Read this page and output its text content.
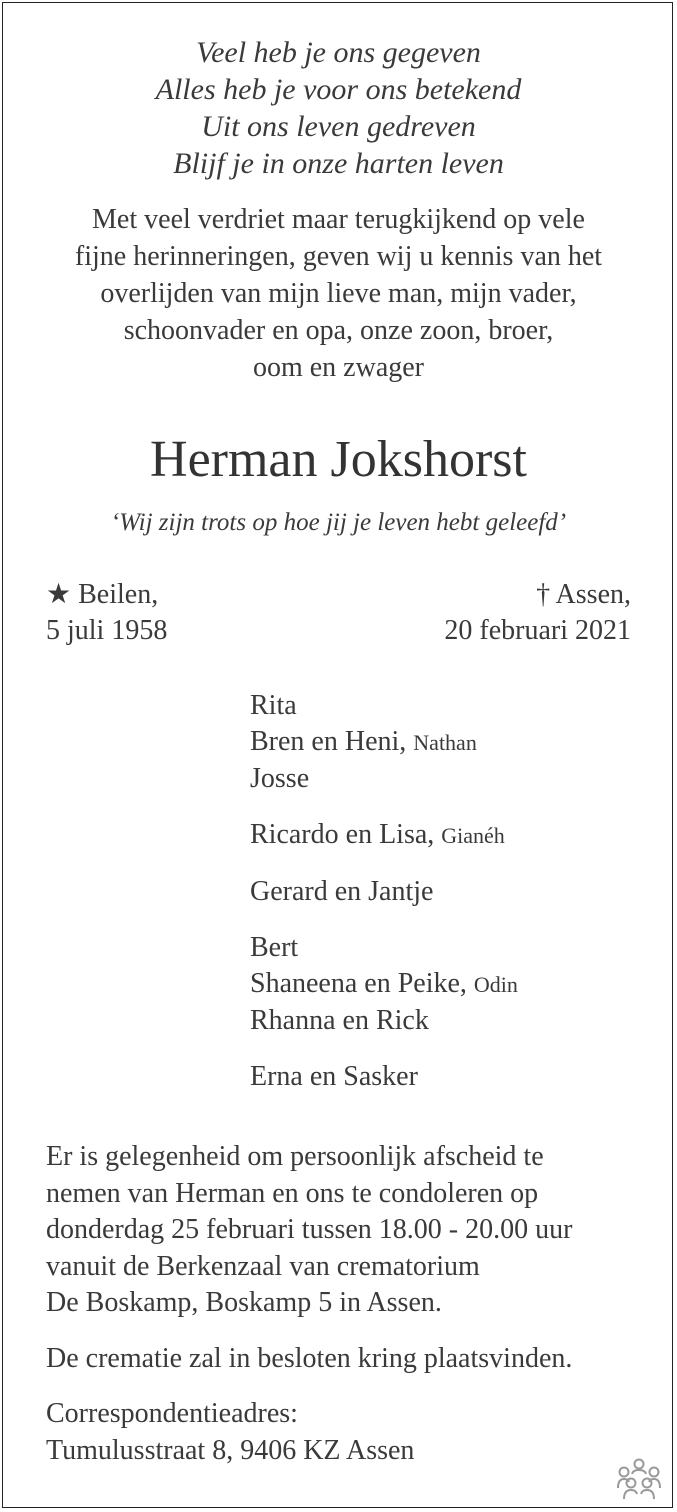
Veel heb je ons gegeven
Alles heb je voor ons betekend
Uit ons leven gedreven
Blijf je in onze harten leven
Met veel verdriet maar terugkijkend op vele
fijne herinneringen, geven wij u kennis van het
overlijden van mijn lieve man, mijn vader,
schoonvader en opa, onze zoon, broer,
oom en zwager
Herman Jokshorst
‘Wij zijn trots op hoe jij je leven hebt geleefd’
★ Beilen,
5 juli 1958
† Assen,
20 februari 2021
Rita
Bren en Heni, Nathan
Josse
Ricardo en Lisa, Gianéh
Gerard en Jantje
Bert
Shaneena en Peike, Odin
Rhanna en Rick
Erna en Sasker
Er is gelegenheid om persoonlijk afscheid te
nemen van Herman en ons te condoleren op
donderdag 25 februari tussen 18.00 - 20.00 uur
vanuit de Berkenzaal van crematorium
De Boskamp, Boskamp 5 in Assen.
De crematie zal in besloten kring plaatsvinden.
Correspondentieadres:
Tumulusstraat 8, 9406 KZ Assen
